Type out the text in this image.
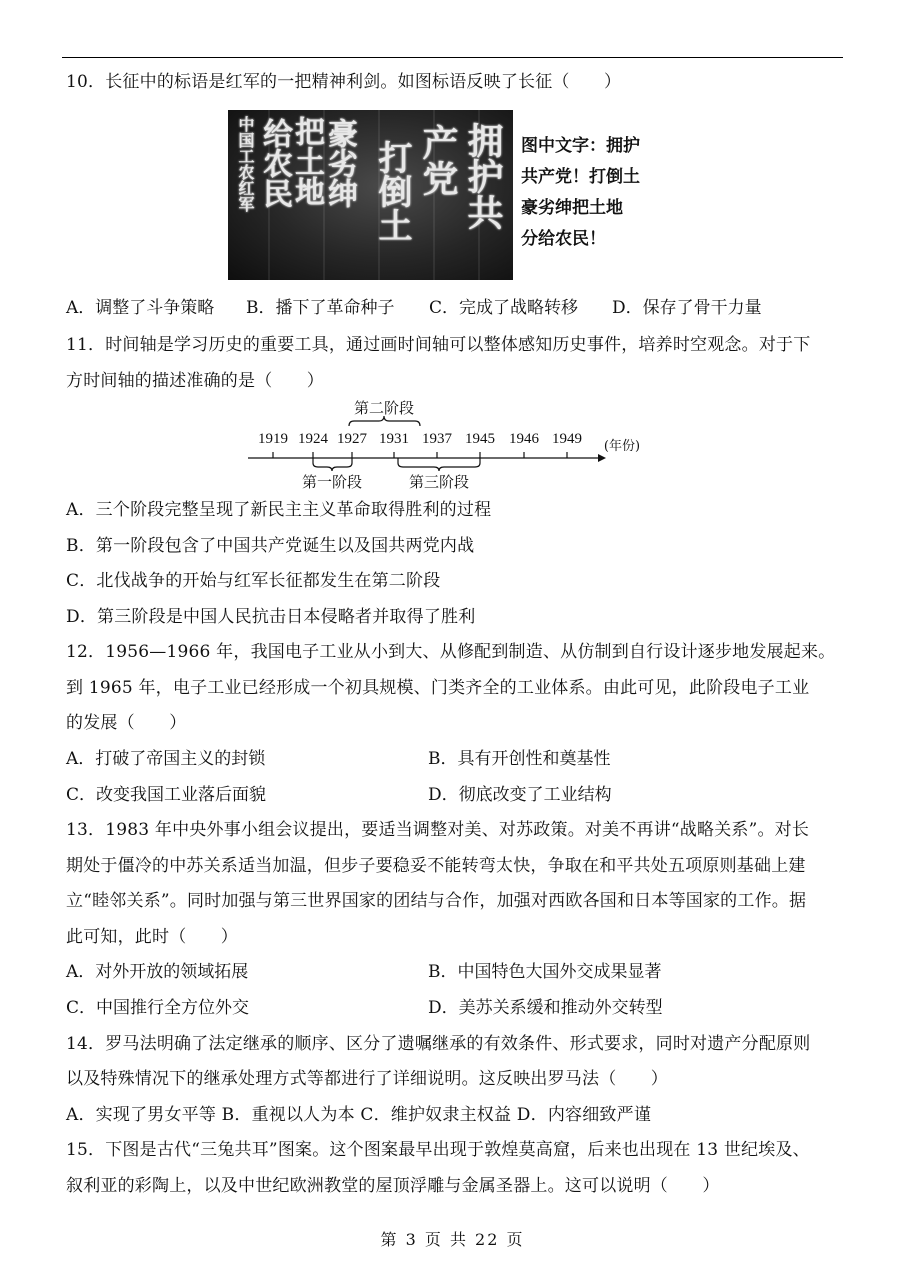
10．长征中的标语是红军的一把精神利剑。如图标语反映了长征（　　）
中国工农红军 给农民
把土地
豪劣绅 打倒土 产党 拥护共 图中文字：拥护
共产党！打倒土
豪劣绅把土地
分给农民！
A．调整了斗争策略 B．播下了革命种子 C．完成了战略转移 D．保存了骨干力量
11．时间轴是学习历史的重要工具，通过画时间轴可以整体感知历史事件，培养时空观念。对于下
方时间轴的描述准确的是（　　）
第二阶段
1919 1924 1927 1931 1937 1945 1946 1949 (年份)
第一阶段	第三阶段
A．三个阶段完整呈现了新民主主义革命取得胜利的过程
B．第一阶段包含了中国共产党诞生以及国共两党内战
C．北伐战争的开始与红军长征都发生在第二阶段
D．第三阶段是中国人民抗击日本侵略者并取得了胜利
12．1956—1966 年，我国电子工业从小到大、从修配到制造、从仿制到自行设计逐步地发展起来。
到 1965 年，电子工业已经形成一个初具规模、门类齐全的工业体系。由此可见，此阶段电子工业
的发展（　　）
A．打破了帝国主义的封锁	B．具有开创性和奠基性
C．改变我国工业落后面貌	D．彻底改变了工业结构
13．1983 年中央外事小组会议提出，要适当调整对美、对苏政策。对美不再讲“战略关系”。对长
期处于僵冷的中苏关系适当加温，但步子要稳妥不能转弯太快，争取在和平共处五项原则基础上建
立“睦邻关系”。同时加强与第三世界国家的团结与合作，加强对西欧各国和日本等国家的工作。据
此可知，此时（　　）
A．对外开放的领域拓展	B．中国特色大国外交成果显著
C．中国推行全方位外交	D．美苏关系缓和推动外交转型
14．罗马法明确了法定继承的顺序、区分了遗嘱继承的有效条件、形式要求，同时对遗产分配原则
以及特殊情况下的继承处理方式等都进行了详细说明。这反映出罗马法（　　）
A．实现了男女平等 B．重视以人为本 C．维护奴隶主权益 D．内容细致严谨
15．下图是古代“三兔共耳”图案。这个图案最早出现于敦煌莫高窟，后来也出现在 13 世纪埃及、
叙利亚的彩陶上，以及中世纪欧洲教堂的屋顶浮雕与金属圣器上。这可以说明（　　）
第 3 页 共 22 页
